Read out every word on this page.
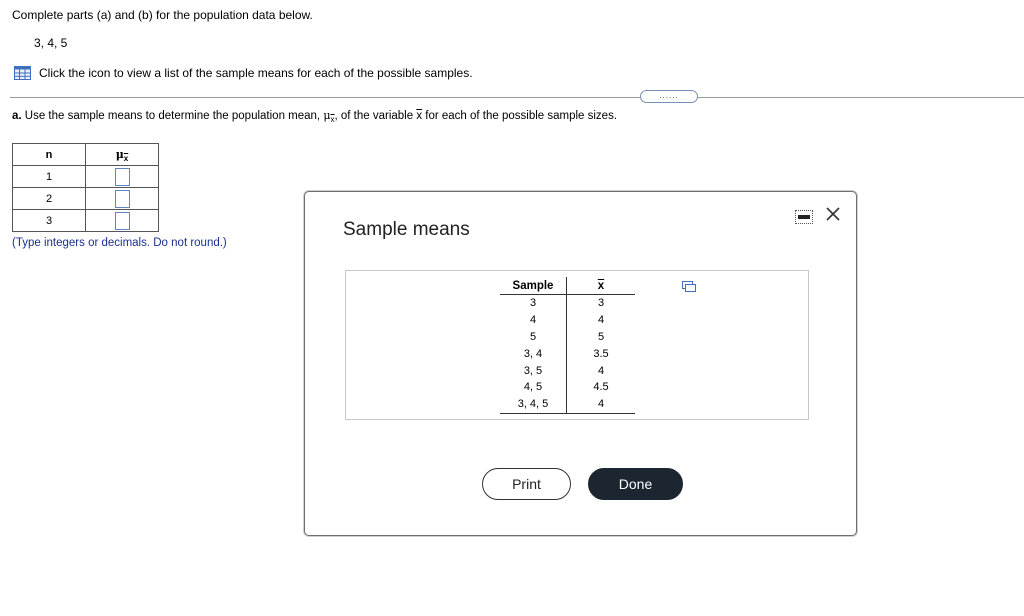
Complete parts (a) and (b) for the population data below.
3, 4, 5
Click the icon to view a list of the sample means for each of the possible samples.
......
a. Use the sample means to determine the population mean, $\mu_{\overline{x}}$, of the variable $\overline{x}$ for each of the possible sample sizes.
n	$\mu_{\overline{x}}$
1	
2	
3	
(Type integers or decimals. Do not round.)
Sample means
Sample	$\overline{x}$
3	3
4	4
5	5
3, 4	3.5
3, 5	4
4, 5	4.5
3, 4, 5	4
Print	Done
